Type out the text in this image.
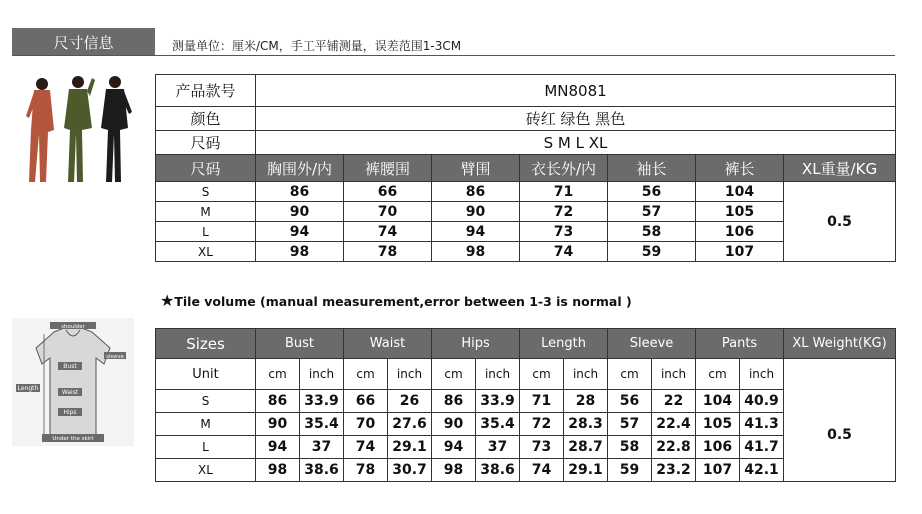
尺寸信息	测量单位：厘米/CM，手工平铺测量，误差范围1-3CM
产品款号	MN8081						
颜色	砖红 绿色 黑色						
尺码	S M L XL						
尺码	胸围外/内	裤腰围	臂围	衣长外/内	袖长	裤长	XL重量/KG
S	86	66	86	71	56	104	0.5
M	90	70	90	72	57	105	
L	94	74	94	73	58	106	
XL	98	78	98	74	59	107	
★Tile volume (manual measurement,error between 1-3 is normal )
shoulder
sleeve
Bust
Length
Waist
Hips
Under the skirt
Sizes	Bust		Waist		Hips		Length		Sleeve		Pants		XL Weight(KG)
Unit	cm	inch	cm	inch	cm	inch	cm	inch	cm	inch	cm	inch	
S	86	33.9	66	26	86	33.9	71	28	56	22	104	40.9	0.5
M	90	35.4	70	27.6	90	35.4	72	28.3	57	22.4	105	41.3	
L	94	37	74	29.1	94	37	73	28.7	58	22.8	106	41.7	
XL	98	38.6	78	30.7	98	38.6	74	29.1	59	23.2	107	42.1	
